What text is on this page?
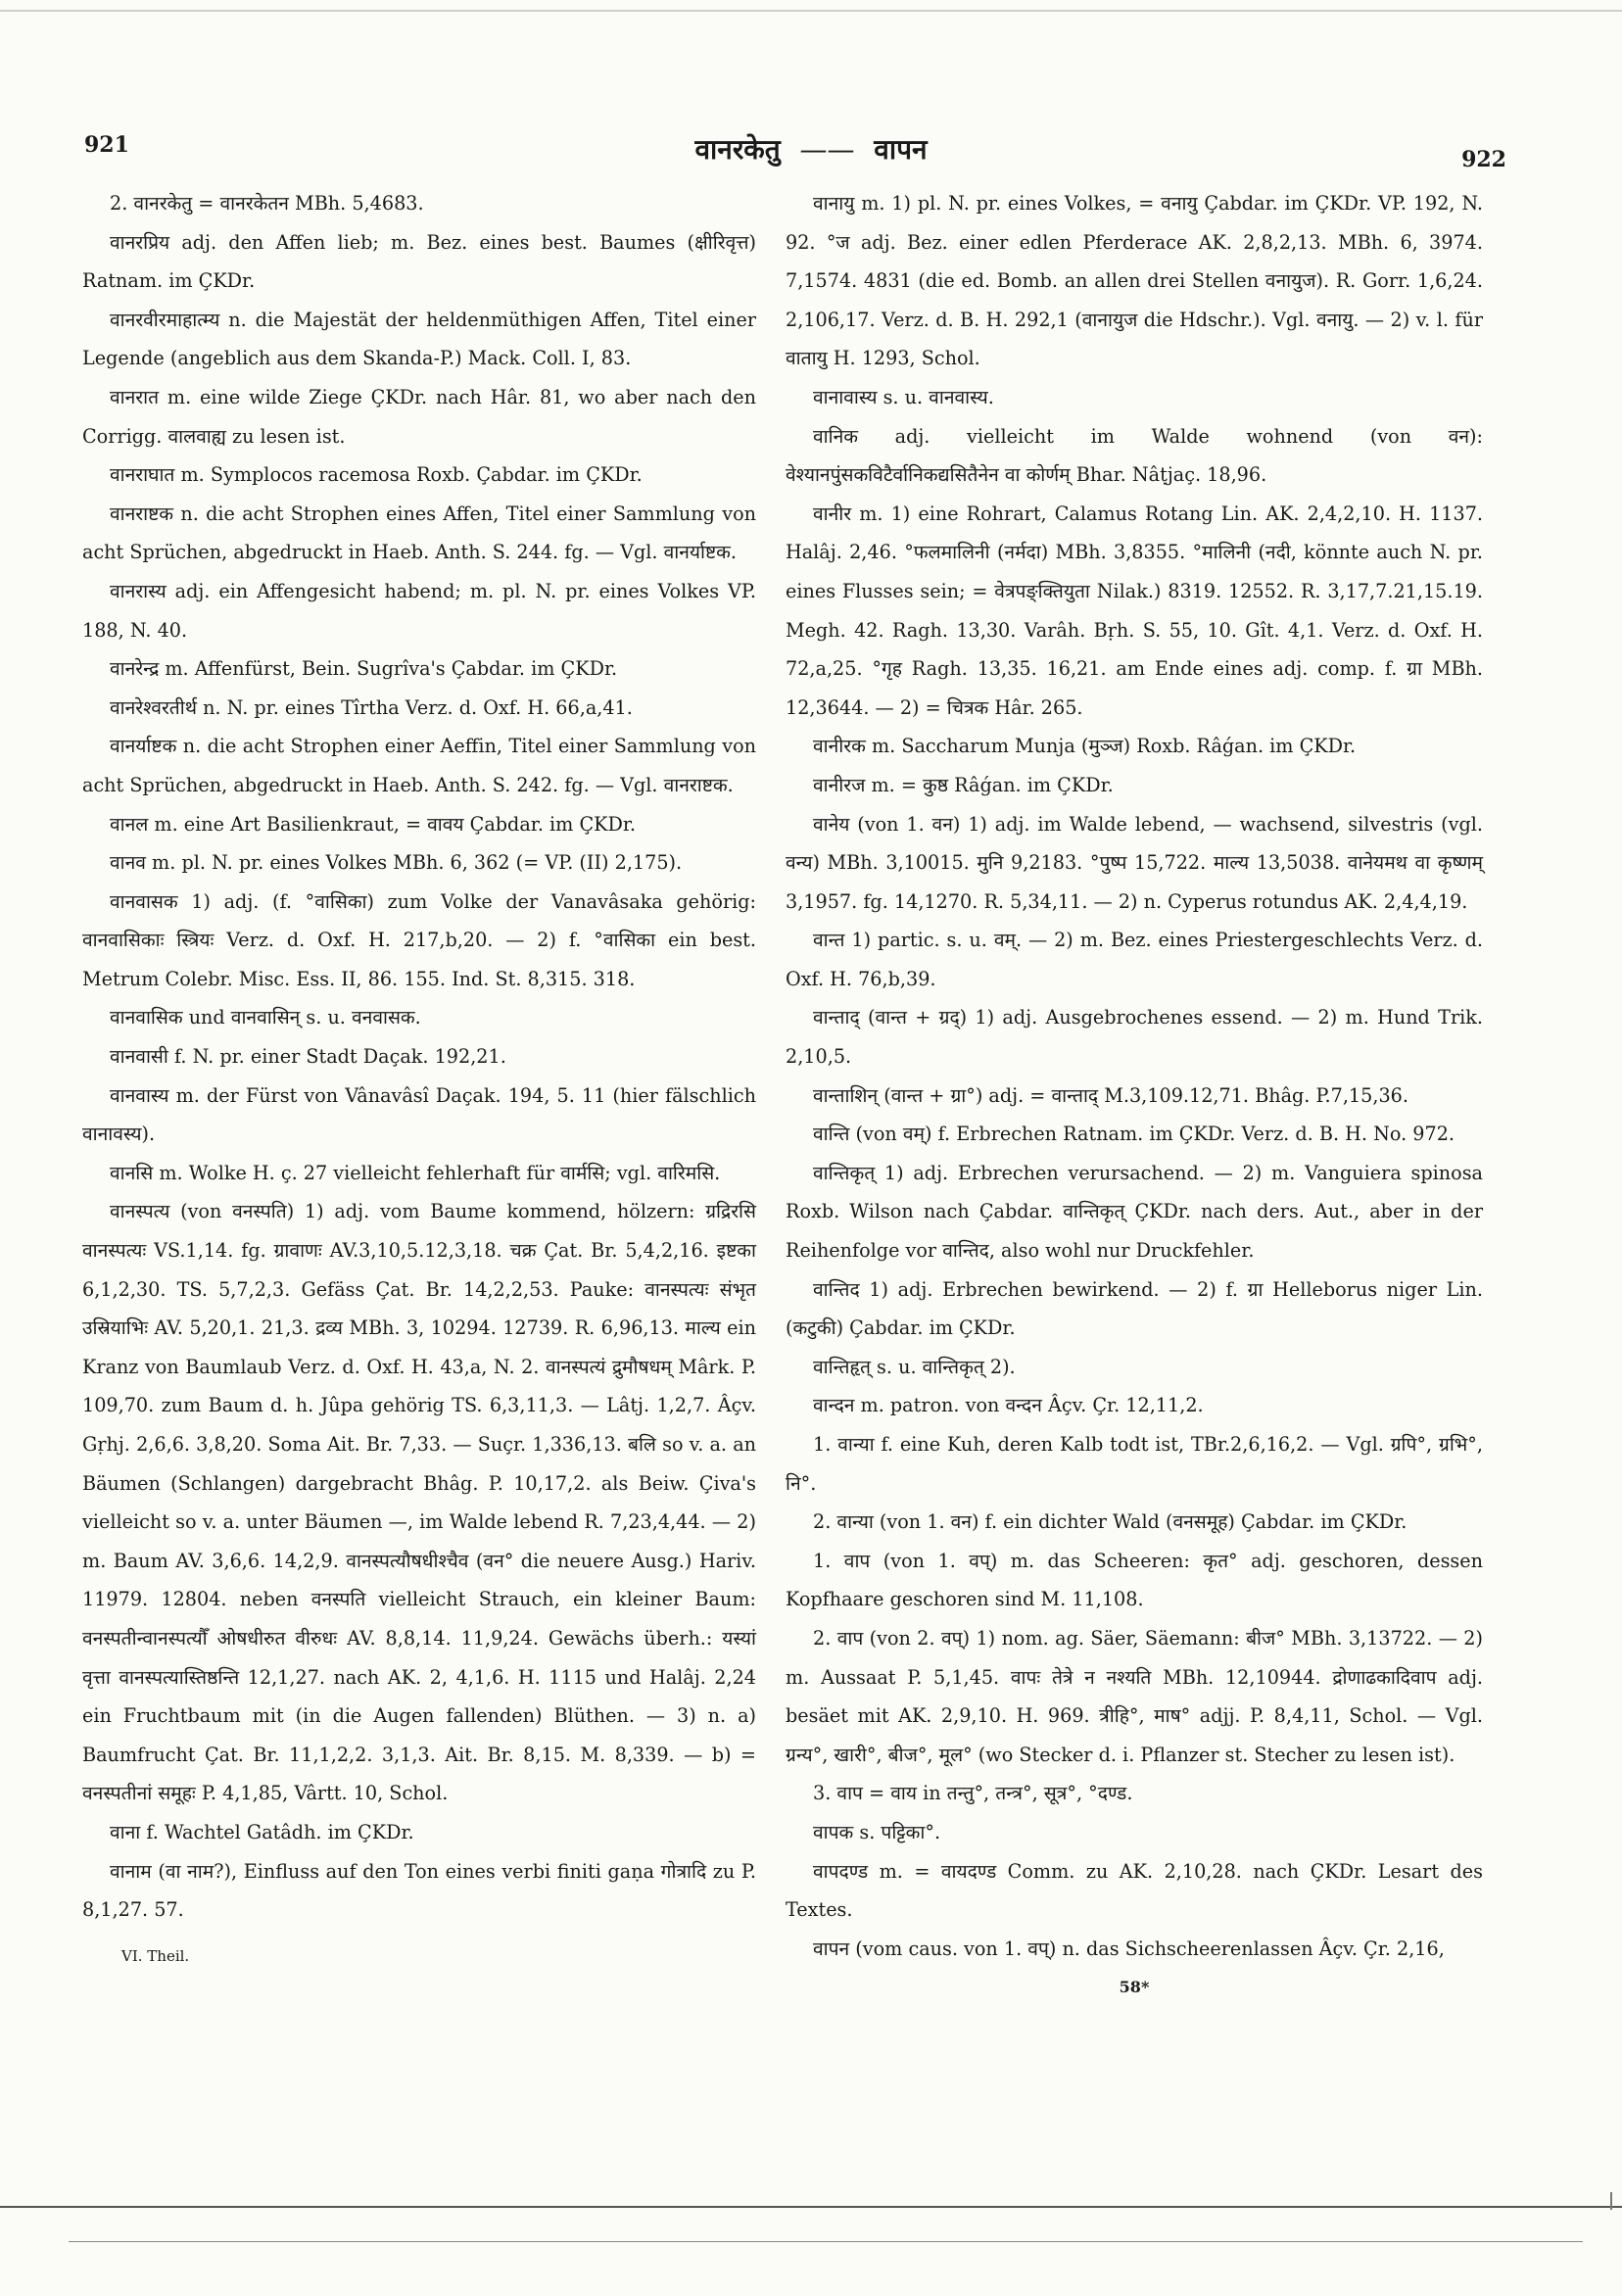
921	वानरकेतु —— वापन	922

2. वानरकेतु = वानरकेतन MBh. 5,4683.

वानरप्रिय adj. den Affen lieb; m. Bez. eines best. Baumes (क्षीरिवृत्त) Ratnam. im ÇKDr.

वानरवीरमाहात्म्य n. die Majestät der heldenmüthigen Affen, Titel einer Legende (angeblich aus dem Skanda-P.) Mack. Coll. I, 83.

वानरात m. eine wilde Ziege ÇKDr. nach Hâr. 81, wo aber nach den Corrigg. वालवाह्य zu lesen ist.

वानराघात m. Symplocos racemosa Roxb. Çabdar. im ÇKDr.

वानराष्टक n. die acht Strophen eines Affen, Titel einer Sammlung von acht Sprüchen, abgedruckt in Haeb. Anth. S. 244. fg. — Vgl. वानर्याष्टक.

वानरास्य adj. ein Affengesicht habend; m. pl. N. pr. eines Volkes VP. 188, N. 40.

वानरेन्द्र m. Affenfürst, Bein. Sugrîva's Çabdar. im ÇKDr.

वानरेश्वरतीर्थ n. N. pr. eines Tîrtha Verz. d. Oxf. H. 66,a,41.

वानर्याष्टक n. die acht Strophen einer Aeffin, Titel einer Sammlung von acht Sprüchen, abgedruckt in Haeb. Anth. S. 242. fg. — Vgl. वानराष्टक.

वानल m. eine Art Basilienkraut, = वावय Çabdar. im ÇKDr.

वानव m. pl. N. pr. eines Volkes MBh. 6, 362 (= VP. (II) 2,175).

वानवासक 1) adj. (f. °वासिका) zum Volke der Vanavâsaka gehörig: वानवासिकाः स्त्रियः Verz. d. Oxf. H. 217,b,20. — 2) f. °वासिका ein best. Metrum Colebr. Misc. Ess. II, 86. 155. Ind. St. 8,315. 318.

वानवासिक und वानवासिन् s. u. वनवासक.

वानवासी f. N. pr. einer Stadt Daçak. 192,21.

वानवास्य m. der Fürst von Vânavâsî Daçak. 194, 5. 11 (hier fälschlich वानावस्य).

वानसि m. Wolke H. ç. 27 vielleicht fehlerhaft für वार्मसि; vgl. वारिमसि.

वानस्पत्य (von वनस्पति) 1) adj. vom Baume kommend, hölzern: ग्रद्रिरसि वानस्पत्यः VS.1,14. fg. ग्रावाणः AV.3,10,5.12,3,18. चक्र Çat. Br. 5,4,2,16. इष्टका 6,1,2,30. TS. 5,7,2,3. Gefäss Çat. Br. 14,2,2,53. Pauke: वानस्पत्यः संभृत उस्रियाभिः AV. 5,20,1. 21,3. द्रव्य MBh. 3, 10294. 12739. R. 6,96,13. माल्य ein Kranz von Baumlaub Verz. d. Oxf. H. 43,a, N. 2. वानस्पत्यं द्रुमौषधम् Mârk. P. 109,70. zum Baum d. h. Jûpa gehörig TS. 6,3,11,3. — Lâtj. 1,2,7. Âçv. Gṛhj. 2,6,6. 3,8,20. Soma Ait. Br. 7,33. — Suçr. 1,336,13. बलि so v. a. an Bäumen (Schlangen) dargebracht Bhâg. P. 10,17,2. als Beiw. Çiva's vielleicht so v. a. unter Bäumen —, im Walde lebend R. 7,23,4,44. — 2) m. Baum AV. 3,6,6. 14,2,9. वानस्पत्यौषधीश्चैव (वन° die neuere Ausg.) Hariv. 11979. 12804. neben वनस्पति vielleicht Strauch, ein kleiner Baum: वनस्पतीन्वानस्पत्यौँ ओषधीरुत वीरुधः AV. 8,8,14. 11,9,24. Gewächs überh.: यस्यां वृत्ता वानस्पत्यास्तिष्ठन्ति 12,1,27. nach AK. 2, 4,1,6. H. 1115 und Halâj. 2,24 ein Fruchtbaum mit (in die Augen fallenden) Blüthen. — 3) n. a) Baumfrucht Çat. Br. 11,1,2,2. 3,1,3. Ait. Br. 8,15. M. 8,339. — b) = वनस्पतीनां समूहः P. 4,1,85, Vârtt. 10, Schol.

वाना f. Wachtel Gatâdh. im ÇKDr.

वानाम (वा नाम?), Einfluss auf den Ton eines verbi finiti gaṇa गोत्रादि zu P. 8,1,27. 57.

VI. Theil.

वानायु m. 1) pl. N. pr. eines Volkes, = वनायु Çabdar. im ÇKDr. VP. 192, N. 92. °ज adj. Bez. einer edlen Pferderace AK. 2,8,2,13. MBh. 6, 3974. 7,1574. 4831 (die ed. Bomb. an allen drei Stellen वनायुज). R. Gorr. 1,6,24. 2,106,17. Verz. d. B. H. 292,1 (वानायुज die Hdschr.). Vgl. वनायु. — 2) v. l. für वातायु H. 1293, Schol.

वानावास्य s. u. वानवास्य.

वानिक adj. vielleicht im Walde wohnend (von वन): वेश्यानपुंसकविटैर्वानिकद्यसितैनेन वा कोर्णम् Bhar. Nâṭjaç. 18,96.

वानीर m. 1) eine Rohrart, Calamus Rotang Lin. AK. 2,4,2,10. H. 1137. Halâj. 2,46. °फलमालिनी (नर्मदा) MBh. 3,8355. °मालिनी (नदी, könnte auch N. pr. eines Flusses sein; = वेत्रपङ्क्तियुता Nilak.) 8319. 12552. R. 3,17,7.21,15.19. Megh. 42. Ragh. 13,30. Varâh. Bṛh. S. 55, 10. Gît. 4,1. Verz. d. Oxf. H. 72,a,25. °गृह Ragh. 13,35. 16,21. am Ende eines adj. comp. f. ग्रा MBh. 12,3644. — 2) = चित्रक Hâr. 265.

वानीरक m. Saccharum Munja (मुञ्ज) Roxb. Râǵan. im ÇKDr.

वानीरज m. = कुष्ठ Râǵan. im ÇKDr.

वानेय (von 1. वन) 1) adj. im Walde lebend, — wachsend, silvestris (vgl. वन्य) MBh. 3,10015. मुनि 9,2183. °पुष्प 15,722. माल्य 13,5038. वानेयमथ वा कृष्णम् 3,1957. fg. 14,1270. R. 5,34,11. — 2) n. Cyperus rotundus AK. 2,4,4,19.

वान्त 1) partic. s. u. वम्. — 2) m. Bez. eines Priestergeschlechts Verz. d. Oxf. H. 76,b,39.

वान्ताद् (वान्त + ग्रद्) 1) adj. Ausgebrochenes essend. — 2) m. Hund Trik. 2,10,5.

वान्ताशिन् (वान्त + ग्रा°) adj. = वान्ताद् M.3,109.12,71. Bhâg. P.7,15,36.

वान्ति (von वम्) f. Erbrechen Ratnam. im ÇKDr. Verz. d. B. H. No. 972.

वान्तिकृत् 1) adj. Erbrechen verursachend. — 2) m. Vanguiera spinosa Roxb. Wilson nach Çabdar. वान्तिकृत् ÇKDr. nach ders. Aut., aber in der Reihenfolge vor वान्तिद, also wohl nur Druckfehler.

वान्तिद 1) adj. Erbrechen bewirkend. — 2) f. ग्रा Helleborus niger Lin. (कटुकी) Çabdar. im ÇKDr.

वान्तिहृत् s. u. वान्तिकृत् 2).

वान्दन m. patron. von वन्दन Âçv. Çr. 12,11,2.

1. वान्या f. eine Kuh, deren Kalb todt ist, TBr.2,6,16,2. — Vgl. ग्रपि°, ग्रभि°, नि°.

2. वान्या (von 1. वन) f. ein dichter Wald (वनसमूह) Çabdar. im ÇKDr.

1. वाप (von 1. वप्) m. das Scheeren: कृत° adj. geschoren, dessen Kopfhaare geschoren sind M. 11,108.

2. वाप (von 2. वप्) 1) nom. ag. Säer, Säemann: बीज° MBh. 3,13722. — 2) m. Aussaat P. 5,1,45. वापः तेत्रे न नश्यति MBh. 12,10944. द्रोणाढकादिवाप adj. besäet mit AK. 2,9,10. H. 969. त्रीहि°, माष° adjj. P. 8,4,11, Schol. — Vgl. ग्रन्य°, खारी°, बीज°, मूल° (wo Stecker d. i. Pflanzer st. Stecher zu lesen ist).

3. वाप = वाय in तन्तु°, तन्त्र°, सूत्र°, °दण्ड.

वापक s. पट्टिका°.

वापदण्ड m. = वायदण्ड Comm. zu AK. 2,10,28. nach ÇKDr. Lesart des Textes.

वापन (vom caus. von 1. वप्) n. das Sichscheerenlassen Âçv. Çr. 2,16,

58*
